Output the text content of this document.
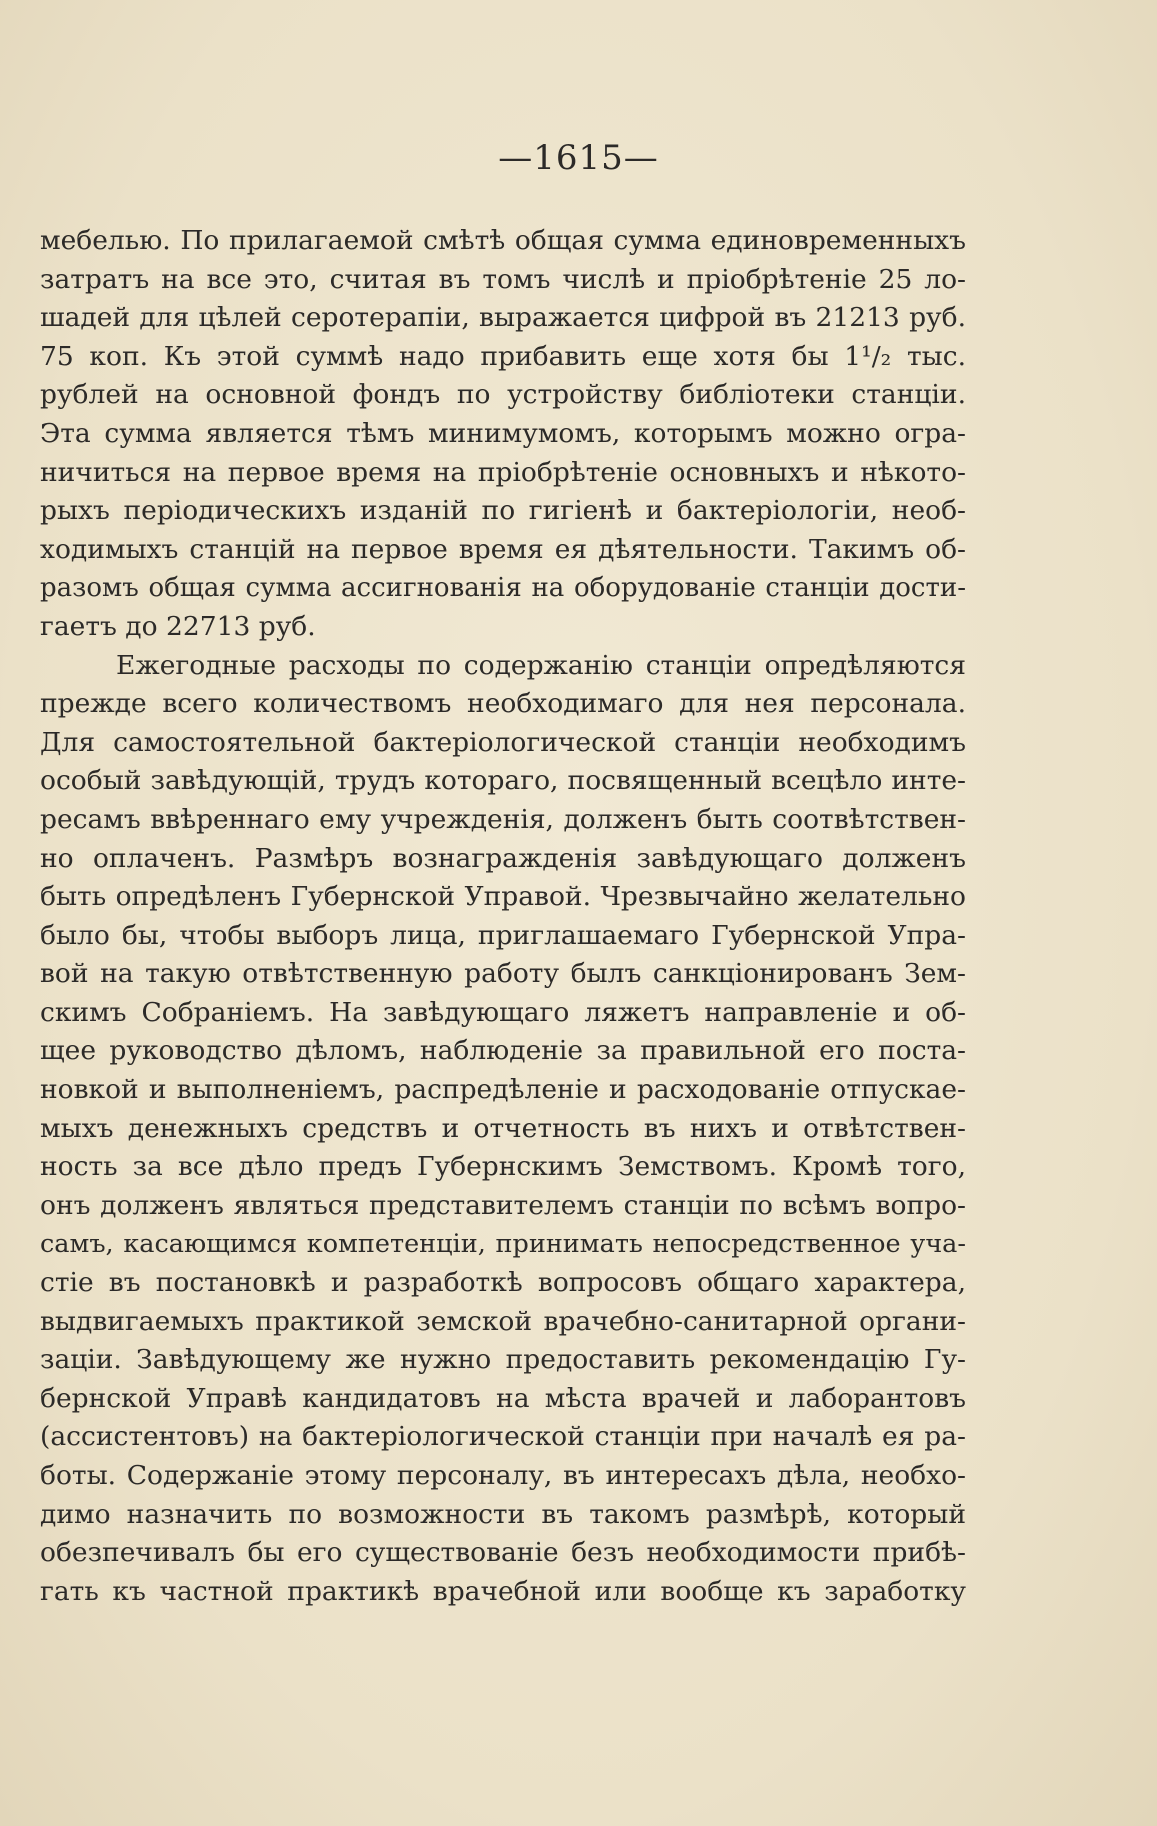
—1615—
мебелью. По прилагаемой смѣтѣ общая сумма единовременныхъ
затратъ на все это, считая въ томъ числѣ и пріобрѣтеніе 25 ло-
шадей для цѣлей серотерапіи, выражается цифрой въ 21213 руб.
75 коп. Къ этой суммѣ надо прибавить еще хотя бы 1¹/₂ тыс.
рублей на основной фондъ по устройству библіотеки станціи.
Эта сумма является тѣмъ минимумомъ, которымъ можно огра-
ничиться на первое время на пріобрѣтеніе основныхъ и нѣкото-
рыхъ періодическихъ изданій по гигіенѣ и бактеріологіи, необ-
ходимыхъ станцій на первое время ея дѣятельности. Такимъ об-
разомъ общая сумма ассигнованія на оборудованіе станціи дости-
гаетъ до 22713 руб.
Ежегодные расходы по содержанію станціи опредѣляются
прежде всего количествомъ необходимаго для нея персонала.
Для самостоятельной бактеріологической станціи необходимъ
особый завѣдующій, трудъ котораго, посвященный всецѣло инте-
ресамъ ввѣреннаго ему учрежденія, долженъ быть соотвѣтствен-
но оплаченъ. Размѣръ вознагражденія завѣдующаго долженъ
быть опредѣленъ Губернской Управой. Чрезвычайно желательно
было бы, чтобы выборъ лица, приглашаемаго Губернской Упра-
вой на такую отвѣтственную работу былъ санкціонированъ Зем-
скимъ Собраніемъ. На завѣдующаго ляжетъ направленіе и об-
щее руководство дѣломъ, наблюденіе за правильной его поста-
новкой и выполненіемъ, распредѣленіе и расходованіе отпускае-
мыхъ денежныхъ средствъ и отчетность въ нихъ и отвѣтствен-
ность за все дѣло предъ Губернскимъ Земствомъ. Кромѣ того,
онъ долженъ являться представителемъ станціи по всѣмъ вопро-
самъ, касающимся компетенціи, принимать непосредственное уча-
стіе въ постановкѣ и разработкѣ вопросовъ общаго характера,
выдвигаемыхъ практикой земской врачебно-санитарной органи-
заціи. Завѣдующему же нужно предоставить рекомендацію Гу-
бернской Управѣ кандидатовъ на мѣста врачей и лаборантовъ
(ассистентовъ) на бактеріологической станціи при началѣ ея ра-
боты. Содержаніе этому персоналу, въ интересахъ дѣла, необхо-
димо назначить по возможности въ такомъ размѣрѣ, который
обезпечивалъ бы его существованіе безъ необходимости прибѣ-
гать къ частной практикѣ врачебной или вообще къ заработку
